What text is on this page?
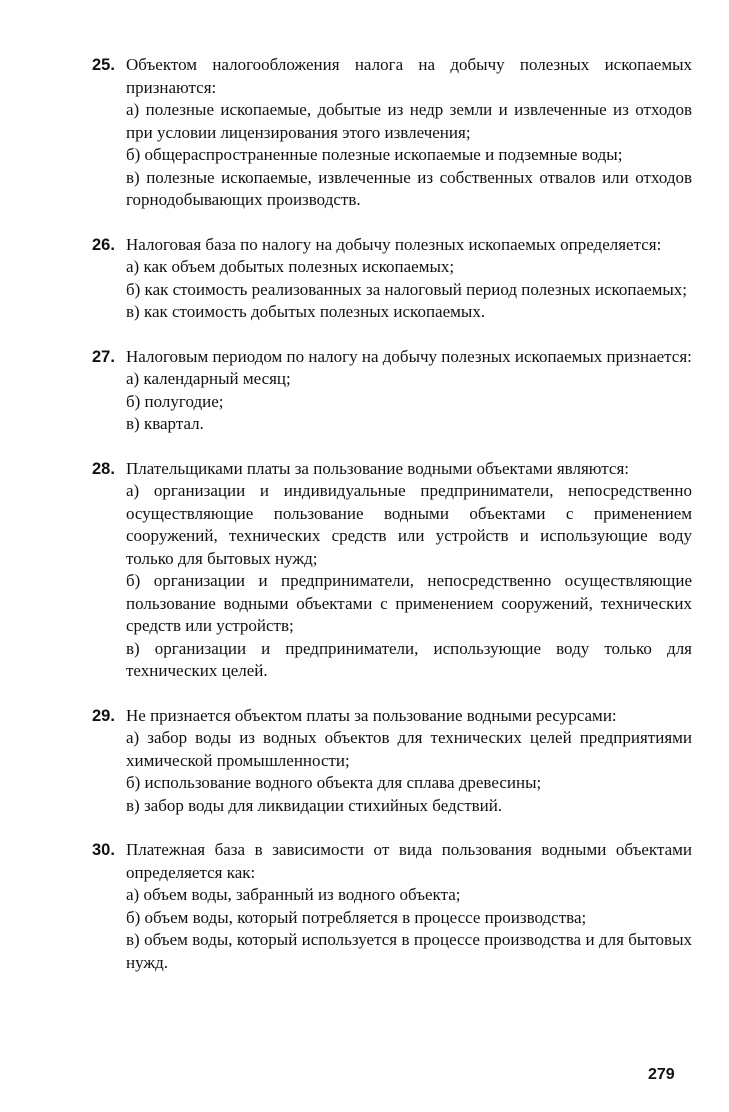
25. Объектом налогообложения налога на добычу полезных ископаемых признаются:
а) полезные ископаемые, добытые из недр земли и извлеченные из отходов при условии лицензирования этого извлечения;
б) общераспространенные полезные ископаемые и подземные воды;
в) полезные ископаемые, извлеченные из собственных отвалов или отходов горнодобывающих производств.
26. Налоговая база по налогу на добычу полезных ископаемых определяется:
а) как объем добытых полезных ископаемых;
б) как стоимость реализованных за налоговый период полезных ископаемых;
в) как стоимость добытых полезных ископаемых.
27. Налоговым периодом по налогу на добычу полезных ископаемых признается:
а) календарный месяц;
б) полугодие;
в) квартал.
28. Плательщиками платы за пользование водными объектами являются:
а) организации и индивидуальные предприниматели, непосредственно осуществляющие пользование водными объектами с применением сооружений, технических средств или устройств и использующие воду только для бытовых нужд;
б) организации и предприниматели, непосредственно осуществляющие пользование водными объектами с применением сооружений, технических средств или устройств;
в) организации и предприниматели, использующие воду только для технических целей.
29. Не признается объектом платы за пользование водными ресурсами:
а) забор воды из водных объектов для технических целей предприятиями химической промышленности;
б) использование водного объекта для сплава древесины;
в) забор воды для ликвидации стихийных бедствий.
30. Платежная база в зависимости от вида пользования водными объектами определяется как:
а) объем воды, забранный из водного объекта;
б) объем воды, который потребляется в процессе производства;
в) объем воды, который используется в процессе производства и для бытовых нужд.
279
